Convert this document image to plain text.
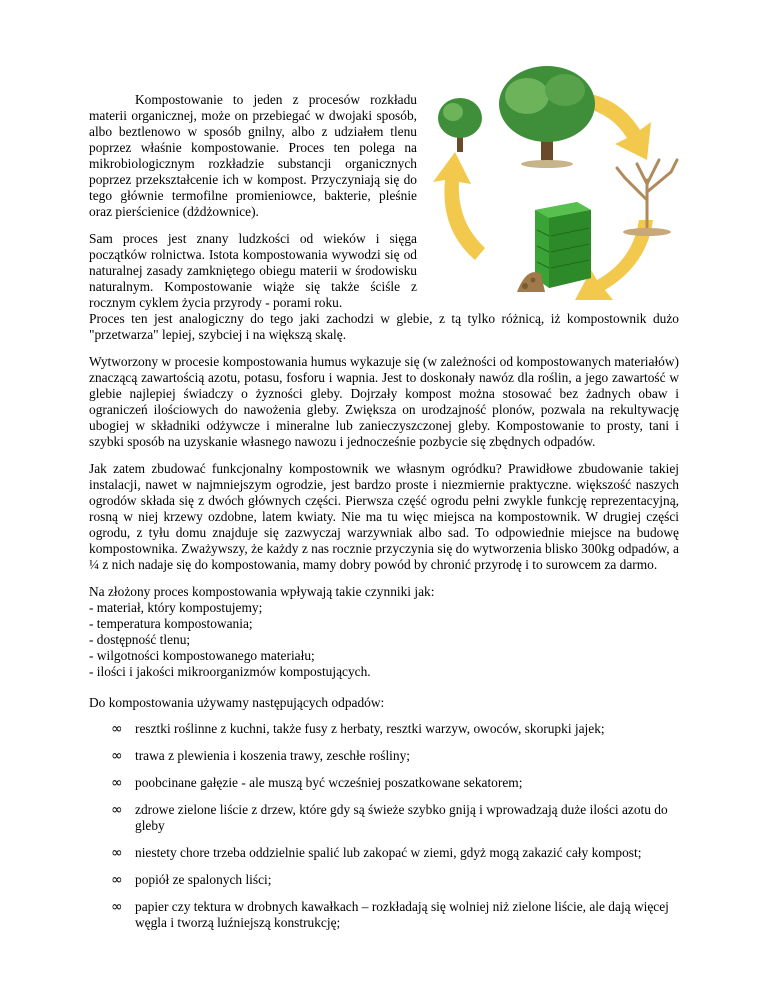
Kompostowanie to jeden z procesów rozkładu materii organicznej, może on przebiegać w dwojaki sposób, albo beztlenowo w sposób gnilny, albo z udziałem tlenu poprzez właśnie kompostowanie. Proces ten polega na mikrobiologicznym rozkładzie substancji organicznych poprzez przekształcenie ich w kompost. Przyczyniają się do tego głównie termofilne promieniowce, bakterie, pleśnie oraz pierścienice (dżdżownice).

Sam proces jest znany ludzkości od wieków i sięga początków rolnictwa. Istota kompostowania wywodzi się od naturalnej zasady zamkniętego obiegu materii w środowisku naturalnym. Kompostowanie wiąże się także ściśle z rocznym cyklem życia przyrody - porami roku.
Proces ten jest analogiczny do tego jaki zachodzi w glebie, z tą tylko różnicą, iż kompostownik dużo "przetwarza" lepiej, szybciej i na większą skalę.

Wytworzony w procesie kompostowania humus wykazuje się (w zależności od kompostowanych materiałów) znaczącą zawartością azotu, potasu, fosforu i wapnia. Jest to doskonały nawóz dla roślin, a jego zawartość w glebie najlepiej świadczy o żyzności gleby. Dojrzały kompost można stosować bez żadnych obaw i ograniczeń ilościowych do nawożenia gleby. Zwiększa on urodzajność plonów, pozwala na rekultywację ubogiej w składniki odżywcze i mineralne lub zanieczyszczonej gleby. Kompostowanie to prosty, tani i szybki sposób na uzyskanie własnego nawozu i jednocześnie pozbycie się zbędnych odpadów.

Jak zatem zbudować funkcjonalny kompostownik we własnym ogródku? Prawidłowe zbudowanie takiej instalacji, nawet w najmniejszym ogrodzie, jest bardzo proste i niezmiernie praktyczne. większość naszych ogrodów składa się z dwóch głównych części. Pierwsza część ogrodu pełni zwykle funkcję reprezentacyjną, rosną w niej krzewy ozdobne, latem kwiaty. Nie ma tu więc miejsca na kompostownik. W drugiej części ogrodu, z tyłu domu znajduje się zazwyczaj warzywniak albo sad. To odpowiednie miejsce na budowę kompostownika. Zważywszy, że każdy z nas rocznie przyczynia się do wytworzenia blisko 300kg odpadów, a ¼ z nich nadaje się do kompostowania, mamy dobry powód by chronić przyrodę i to surowcem za darmo.

Na złożony proces kompostowania wpływają takie czynniki jak:

- materiał, który kompostujemy;
- temperatura kompostowania;
- dostępność tlenu;
- wilgotności kompostowanego materiału;
- ilości i jakości mikroorganizmów kompostujących.

Do kompostowania używamy następujących odpadów:

∞ resztki roślinne z kuchni, także fusy z herbaty, resztki warzyw, owoców, skorupki jajek;
∞ trawa z plewienia i koszenia trawy, zeschłe rośliny;
∞ poobcinane gałęzie - ale muszą być wcześniej poszatkowane sekatorem;
∞ zdrowe zielone liście z drzew, które gdy są świeże szybko gniją i wprowadzają duże ilości azotu do gleby
∞ niestety chore trzeba oddzielnie spalić lub zakopać w ziemi, gdyż mogą zakazić cały kompost;
∞ popiół ze spalonych liści;
∞ papier czy tektura w drobnych kawałkach – rozkładają się wolniej niż zielone liście, ale dają więcej węgla i tworzą luźniejszą konstrukcję;
